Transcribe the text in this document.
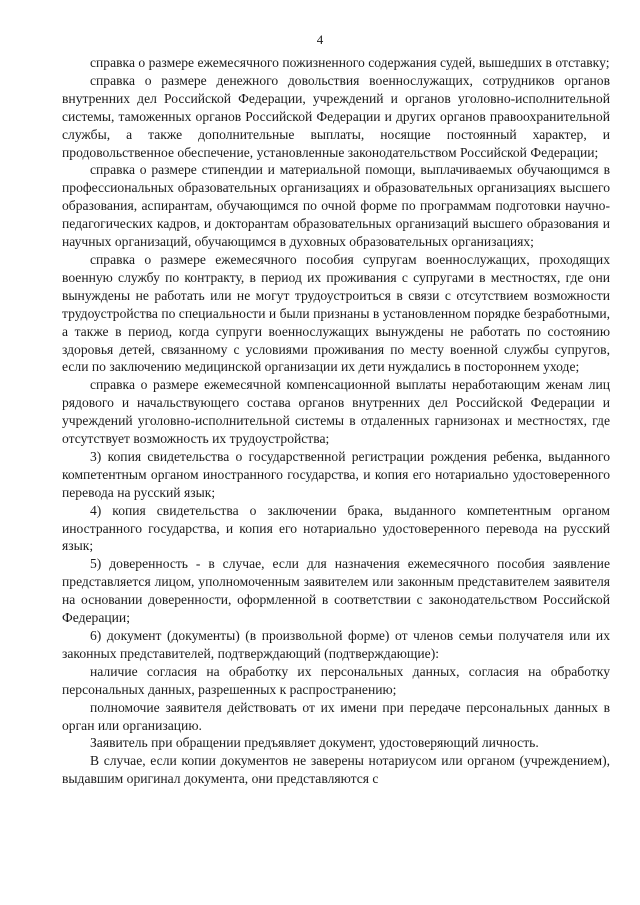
4

справка о размере ежемесячного пожизненного содержания судей, вышедших в отставку;

справка о размере денежного довольствия военнослужащих, сотрудников органов внутренних дел Российской Федерации, учреждений и органов уголовно-исполнительной системы, таможенных органов Российской Федерации и других органов правоохранительной службы, а также дополнительные выплаты, носящие постоянный характер, и продовольственное обеспечение, установленные законодательством Российской Федерации;

справка о размере стипендии и материальной помощи, выплачиваемых обучающимся в профессиональных образовательных организациях и образовательных организациях высшего образования, аспирантам, обучающимся по очной форме по программам подготовки научно-педагогических кадров, и докторантам образовательных организаций высшего образования и научных организаций, обучающимся в духовных образовательных организациях;

справка о размере ежемесячного пособия супругам военнослужащих, проходящих военную службу по контракту, в период их проживания с супругами в местностях, где они вынуждены не работать или не могут трудоустроиться в связи с отсутствием возможности трудоустройства по специальности и были признаны в установленном порядке безработными, а также в период, когда супруги военнослужащих вынуждены не работать по состоянию здоровья детей, связанному с условиями проживания по месту военной службы супругов, если по заключению медицинской организации их дети нуждались в постороннем уходе;

справка о размере ежемесячной компенсационной выплаты неработающим женам лиц рядового и начальствующего состава органов внутренних дел Российской Федерации и учреждений уголовно-исполнительной системы в отдаленных гарнизонах и местностях, где отсутствует возможность их трудоустройства;

3) копия свидетельства о государственной регистрации рождения ребенка, выданного компетентным органом иностранного государства, и копия его нотариально удостоверенного перевода на русский язык;

4) копия свидетельства о заключении брака, выданного компетентным органом иностранного государства, и копия его нотариально удостоверенного перевода на русский язык;

5) доверенность - в случае, если для назначения ежемесячного пособия заявление представляется лицом, уполномоченным заявителем или законным представителем заявителя на основании доверенности, оформленной в соответствии с законодательством Российской Федерации;

6) документ (документы) (в произвольной форме) от членов семьи получателя или их законных представителей, подтверждающий (подтверждающие):

наличие согласия на обработку их персональных данных, согласия на обработку персональных данных, разрешенных к распространению;

полномочие заявителя действовать от их имени при передаче персональных данных в орган или организацию.

Заявитель при обращении предъявляет документ, удостоверяющий личность.

В случае, если копии документов не заверены нотариусом или органом (учреждением), выдавшим оригинал документа, они представляются с
